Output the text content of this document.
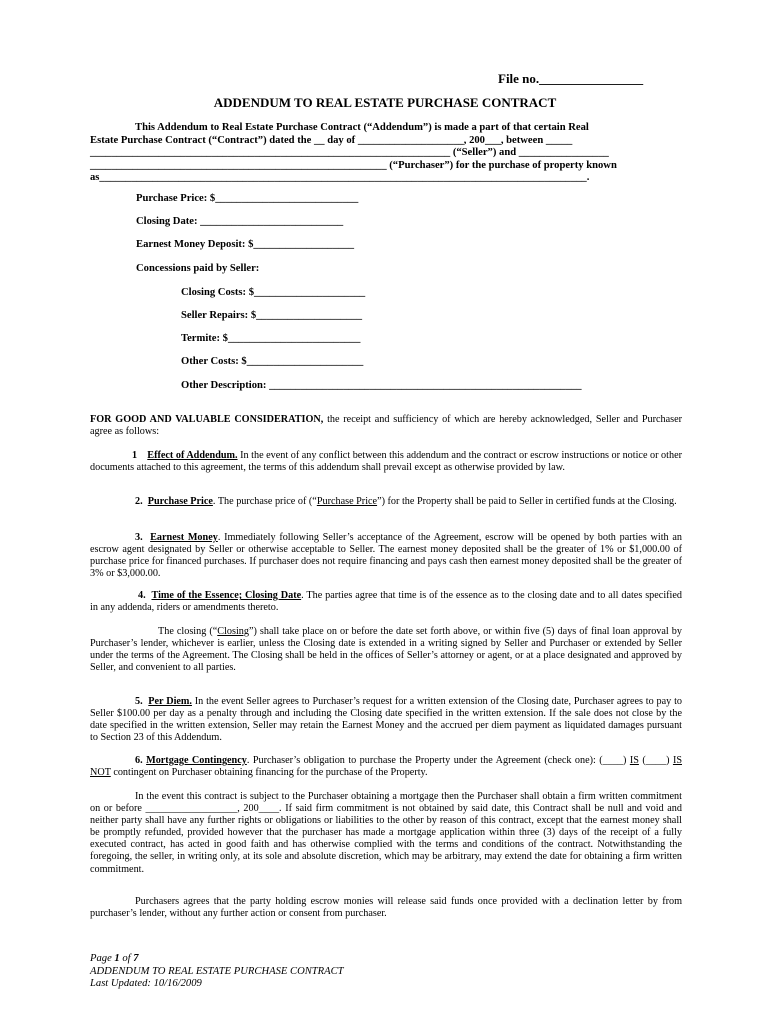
File no.________________
ADDENDUM TO REAL ESTATE PURCHASE CONTRACT

This Addendum to Real Estate Purchase Contract (“Addendum”) is made a part of that certain Real

Estate Purchase Contract (“Contract”) dated the __ day of ____________________, 200___, between _____

____________________________________________________________________ (“Seller”) and _________________

________________________________________________________ (“Purchaser”) for the purchase of property known

as____________________________________________________________________________________________.

Purchase Price: $___________________________
Closing Date: ___________________________
Earnest Money Deposit: $___________________
Concessions paid by Seller:
Closing Costs: $_____________________
Seller Repairs: $____________________
Termite: $_________________________
Other Costs: $______________________
Other Description: ___________________________________________________________

FOR GOOD AND VALUABLE CONSIDERATION, the receipt and sufficiency of which are hereby acknowledged, Seller and Purchaser agree as follows:

1 Effect of Addendum. In the event of any conflict between this addendum and the contract or escrow instructions or notice or other documents attached to this agreement, the terms of this addendum shall prevail except as otherwise provided by law.

2. Purchase Price. The purchase price of (“Purchase Price”) for the Property shall be paid to Seller in certified funds at the Closing.

3. Earnest Money. Immediately following Seller’s acceptance of the Agreement, escrow will be opened by both parties with an escrow agent designated by Seller or otherwise acceptable to Seller. The earnest money deposited shall be the greater of 1% or $1,000.00 of purchase price for financed purchases. If purchaser does not require financing and pays cash then earnest money deposited shall be the greater of 3% or $3,000.00.

4. Time of the Essence; Closing Date. The parties agree that time is of the essence as to the closing date and to all dates specified in any addenda, riders or amendments thereto.

The closing (“Closing”) shall take place on or before the date set forth above, or within five (5) days of final loan approval by Purchaser’s lender, whichever is earlier, unless the Closing date is extended in a writing signed by Seller and Purchaser or extended by Seller under the terms of the Agreement. The Closing shall be held in the offices of Seller’s attorney or agent, or at a place designated and approved by Seller, and convenient to all parties.

5. Per Diem. In the event Seller agrees to Purchaser’s request for a written extension of the Closing date, Purchaser agrees to pay to Seller $100.00 per day as a penalty through and including the Closing date specified in the written extension. If the sale does not close by the date specified in the written extension, Seller may retain the Earnest Money and the accrued per diem payment as liquidated damages pursuant to Section 23 of this Addendum.

6. Mortgage Contingency. Purchaser’s obligation to purchase the Property under the Agreement (check one): (____) IS (____) IS NOT contingent on Purchaser obtaining financing for the purchase of the Property.

In the event this contract is subject to the Purchaser obtaining a mortgage then the Purchaser shall obtain a firm written commitment on or before __________________, 200____. If said firm commitment is not obtained by said date, this Contract shall be null and void and neither party shall have any further rights or obligations or liabilities to the other by reason of this contract, except that the earnest money shall be promptly refunded, provided however that the purchaser has made a mortgage application within three (3) days of the receipt of a fully executed contract, has acted in good faith and has otherwise complied with the terms and conditions of the contract. Notwithstanding the foregoing, the seller, in writing only, at its sole and absolute discretion, which may be arbitrary, may extend the date for obtaining a firm written commitment.

Purchasers agrees that the party holding escrow monies will release said funds once provided with a declination letter by from purchaser’s lender, without any further action or consent from purchaser.

Page 1 of 7
ADDENDUM TO REAL ESTATE PURCHASE CONTRACT
Last Updated: 10/16/2009
